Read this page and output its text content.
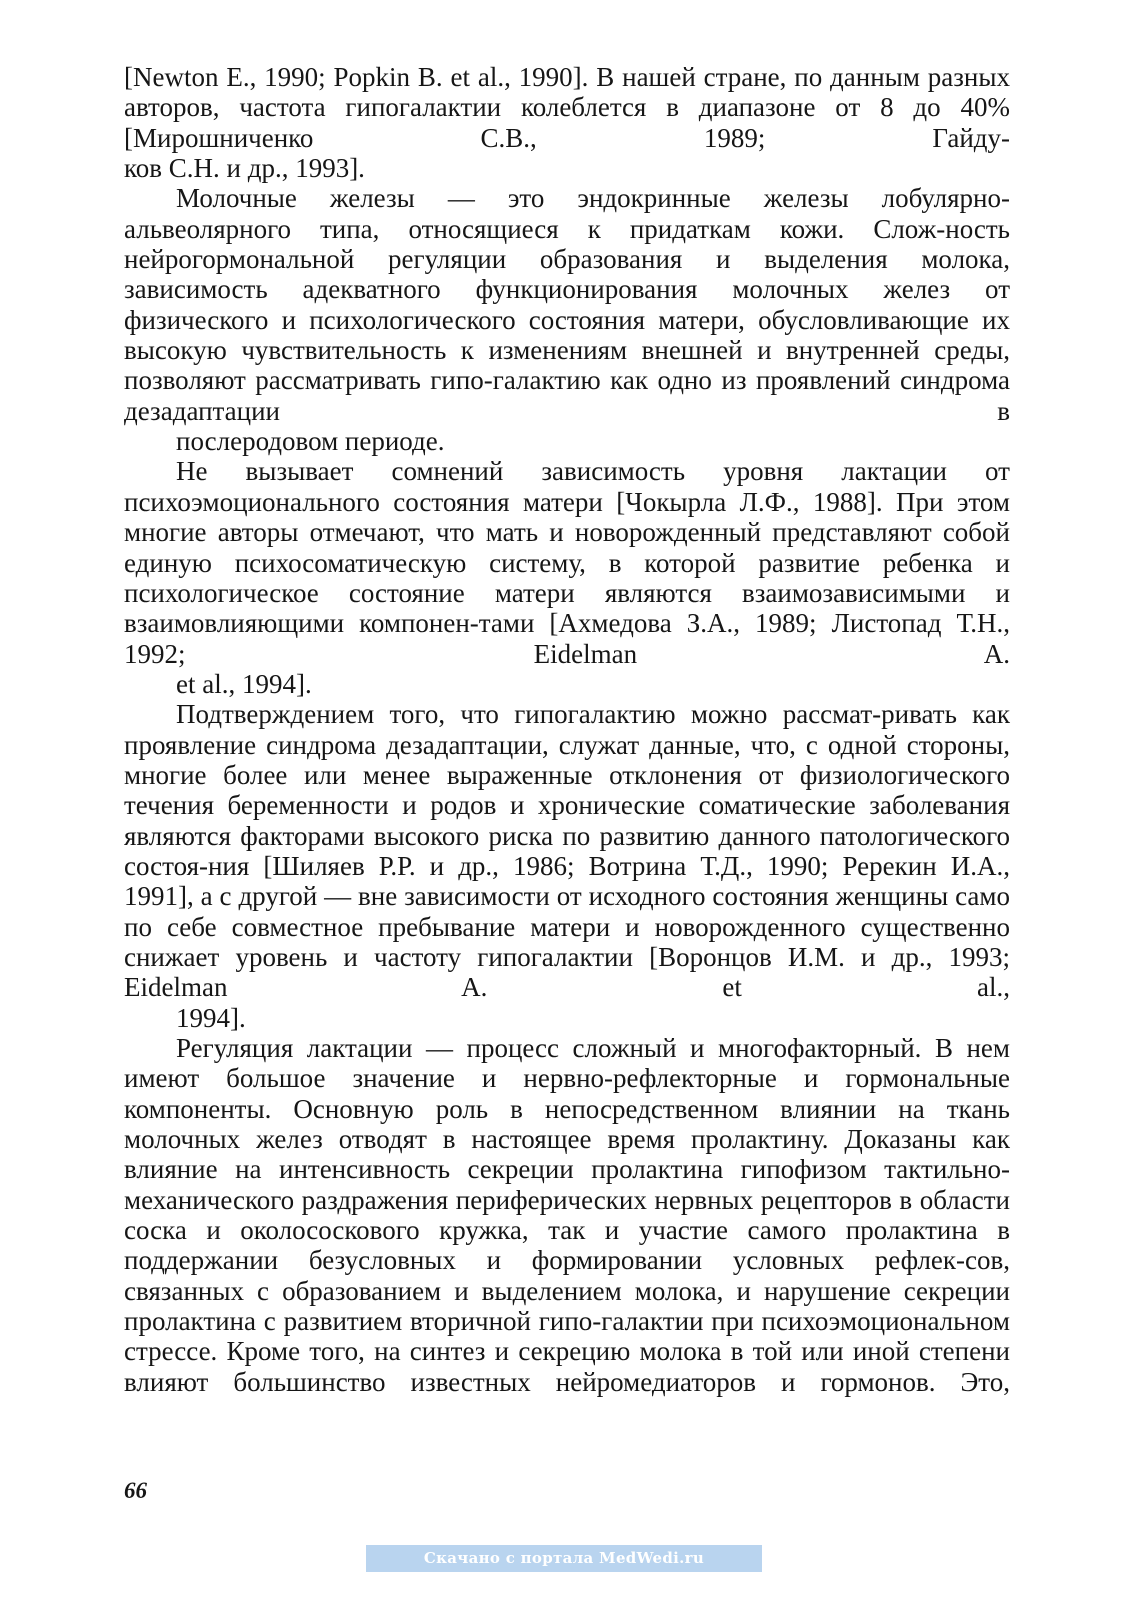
[Newton E., 1990; Popkin B. et al., 1990]. В нашей стране, по данным разных авторов, частота гипогалактии колеблется в диапазоне от 8 до 40% [Мирошниченко С.В., 1989; Гайду-
ков С.Н. и др., 1993].

Молочные железы — это эндокринные железы лобулярно-альвеолярного типа, относящиеся к придаткам кожи. Слож-ность нейрогормональной регуляции образования и выделения молока, зависимость адекватного функционирования молочных желез от физического и психологического состояния матери, обусловливающие их высокую чувствительность к изменениям внешней и внутренней среды, позволяют рассматривать гипо-галактию как одно из проявлений синдрома дезадаптации в
послеродовом периоде.

Не вызывает сомнений зависимость уровня лактации от психоэмоционального состояния матери [Чокырла Л.Ф., 1988]. При этом многие авторы отмечают, что мать и новорожденный представляют собой единую психосоматическую систему, в которой развитие ребенка и психологическое состояние матери являются взаимозависимыми и взаимовлияющими компонен-тами [Ахмедова З.А., 1989; Листопад Т.Н., 1992; Eidelman A.
et al., 1994].

Подтверждением того, что гипогалактию можно рассмат-ривать как проявление синдрома дезадаптации, служат данные, что, с одной стороны, многие более или менее выраженные отклонения от физиологического течения беременности и родов и хронические соматические заболевания являются факторами высокого риска по развитию данного патологического состоя-ния [Шиляев Р.Р. и др., 1986; Вотрина Т.Д., 1990; Ререкин И.А., 1991], а с другой — вне зависимости от исходного состояния женщины само по себе совместное пребывание матери и новорожденного существенно снижает уровень и частоту гипогалактии [Воронцов И.М. и др., 1993; Eidelman A. et al.,
1994].

Регуляция лактации — процесс сложный и многофакторный. В нем имеют большое значение и нервно-рефлекторные и гормональные компоненты. Основную роль в непосредственном влиянии на ткань молочных желез отводят в настоящее время пролактину. Доказаны как влияние на интенсивность секреции пролактина гипофизом тактильно-механического раздражения периферических нервных рецепторов в области соска и околососкового кружка, так и участие самого пролактина в поддержании безусловных и формировании условных рефлек-сов, связанных с образованием и выделением молока, и нарушение секреции пролактина с развитием вторичной гипо-галактии при психоэмоциональном стрессе. Кроме того, на синтез и секрецию молока в той или иной степени влияют большинство известных нейромедиаторов и гормонов. Это,

66
Скачано с портала MedWedi.ru
